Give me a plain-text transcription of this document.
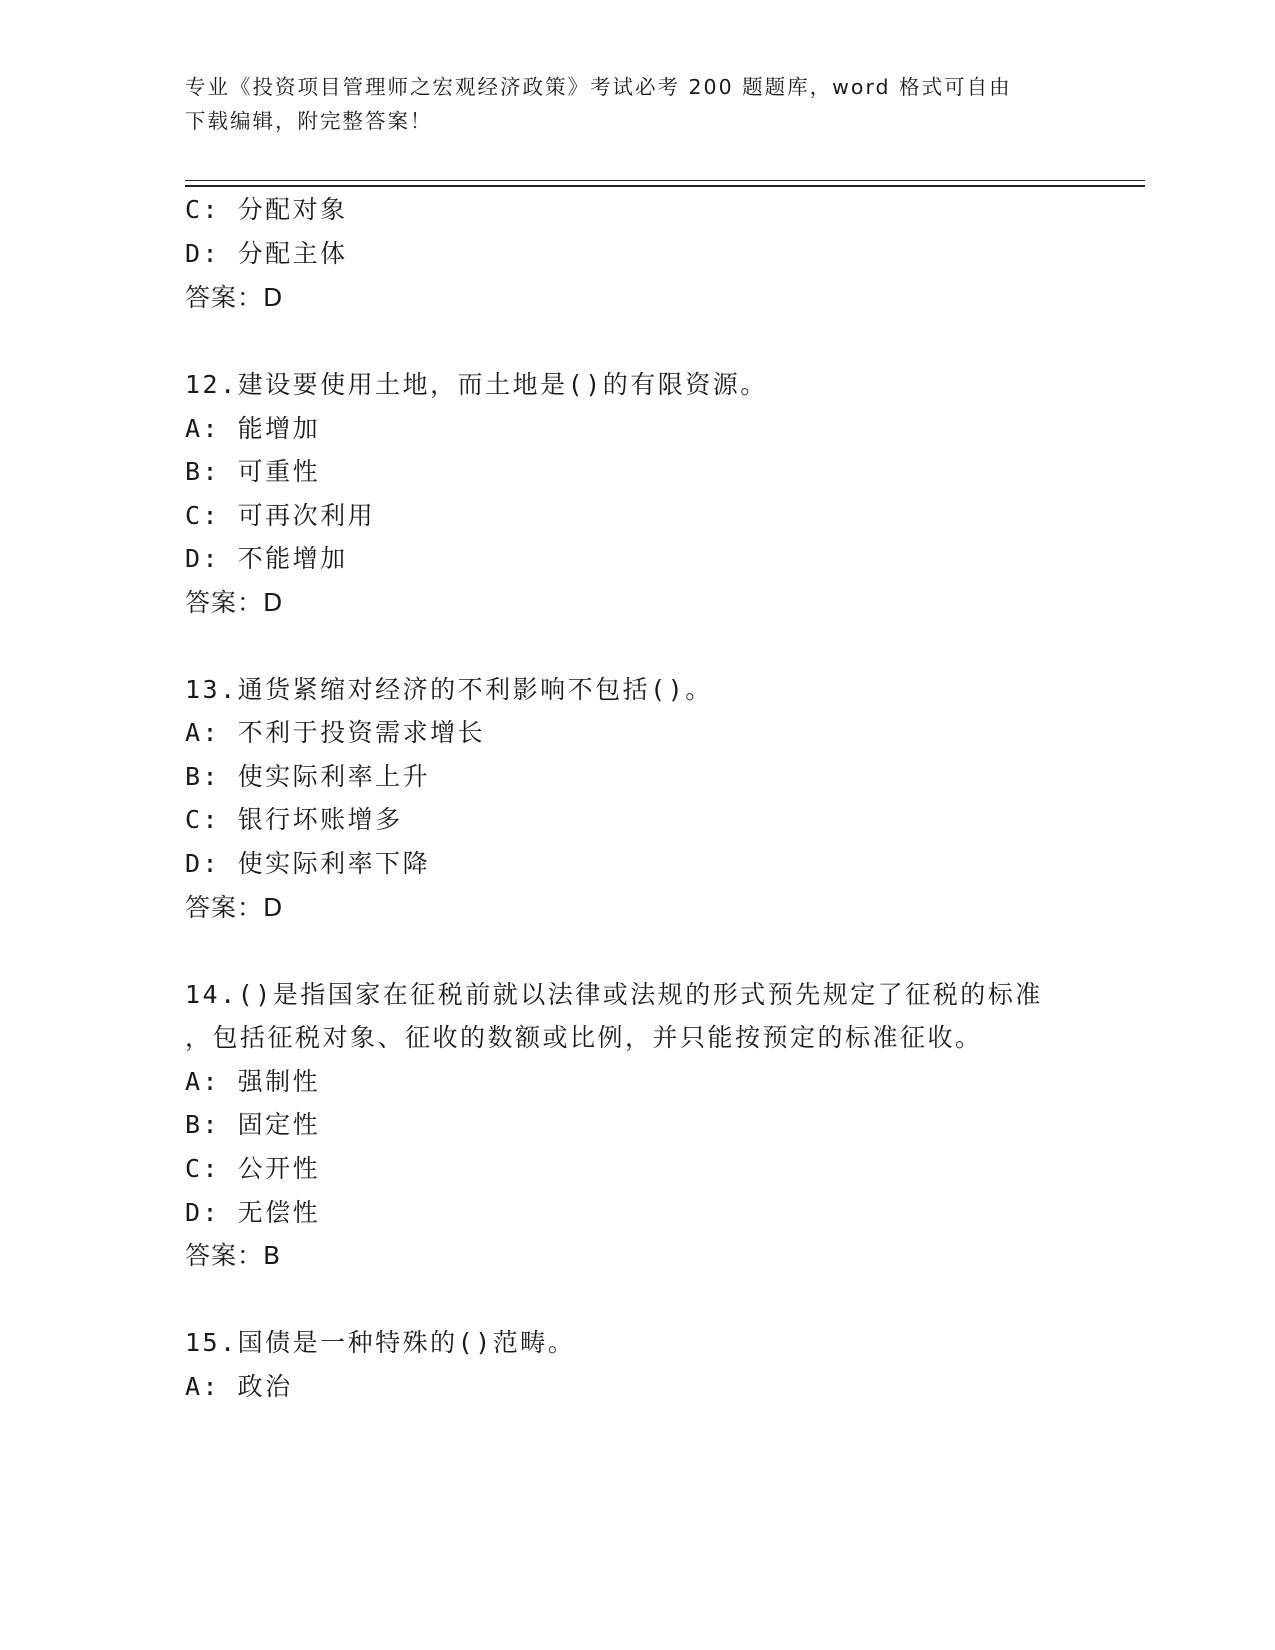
专业《投资项目管理师之宏观经济政策》考试必考 200 题题库，word 格式可自由
下载编辑，附完整答案！
C: 分配对象
D: 分配主体
答案：D
12.建设要使用土地，而土地是()的有限资源。
A: 能增加
B: 可重性
C: 可再次利用
D: 不能增加
答案：D
13.通货紧缩对经济的不利影响不包括()。
A: 不利于投资需求增长
B: 使实际利率上升
C: 银行坏账增多
D: 使实际利率下降
答案：D
14.()是指国家在征税前就以法律或法规的形式预先规定了征税的标准
，包括征税对象、征收的数额或比例，并只能按预定的标准征收。
A: 强制性
B: 固定性
C: 公开性
D: 无偿性
答案：B
15.国债是一种特殊的()范畴。
A: 政治
